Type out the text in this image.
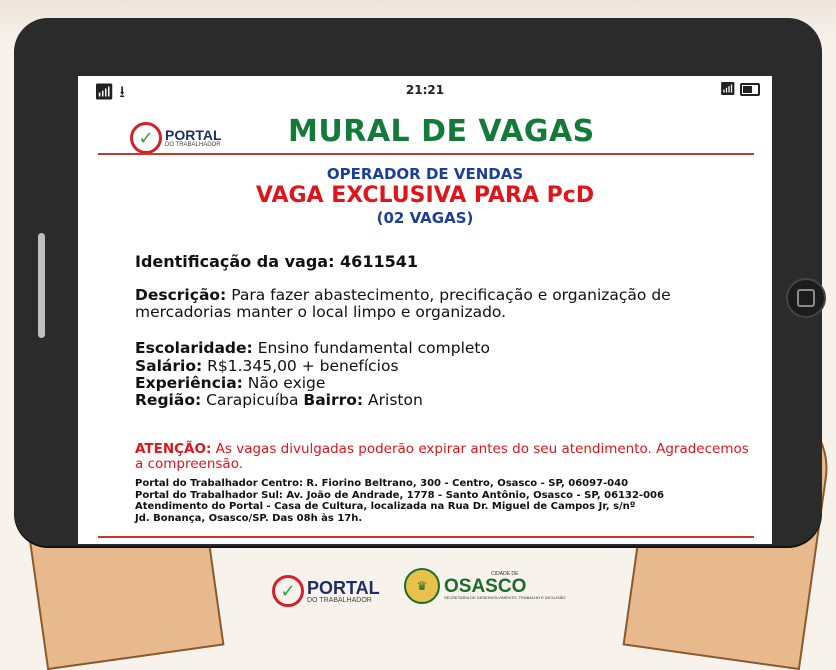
📶︎ ⭳	21:21	📶︎
✓ PORTAL
DO TRABALHADOR MURAL DE VAGAS
OPERADOR DE VENDAS
VAGA EXCLUSIVA PARA PcD
(02 VAGAS)
Identificação da vaga: 4611541
Descrição: Para fazer abastecimento, precificação e organização de mercadorias manter o local limpo e organizado.
Escolaridade: Ensino fundamental completo
Salário: R$1.345,00 + benefícios
Experiência: Não exige
Região: Carapicuíba Bairro: Ariston
ATENÇÃO: As vagas divulgadas poderão expirar antes do seu atendimento. Agradecemos a compreensão.
Portal do Trabalhador Centro: R. Fiorino Beltrano, 300 - Centro, Osasco - SP, 06097-040
Portal do Trabalhador Sul: Av. João de Andrade, 1778 - Santo Antônio, Osasco - SP, 06132-006
Atendimento do Portal - Casa de Cultura, localizada na Rua Dr. Miguel de Campos Jr, s/nº
Jd. Bonança, Osasco/SP. Das 08h às 17h.
✓ PORTAL
DO TRABALHADOR
♛
CIDADE DE
OSASCO
SECRETARIA DE DESENVOLVIMENTO, TRABALHO E INCLUSÃO
